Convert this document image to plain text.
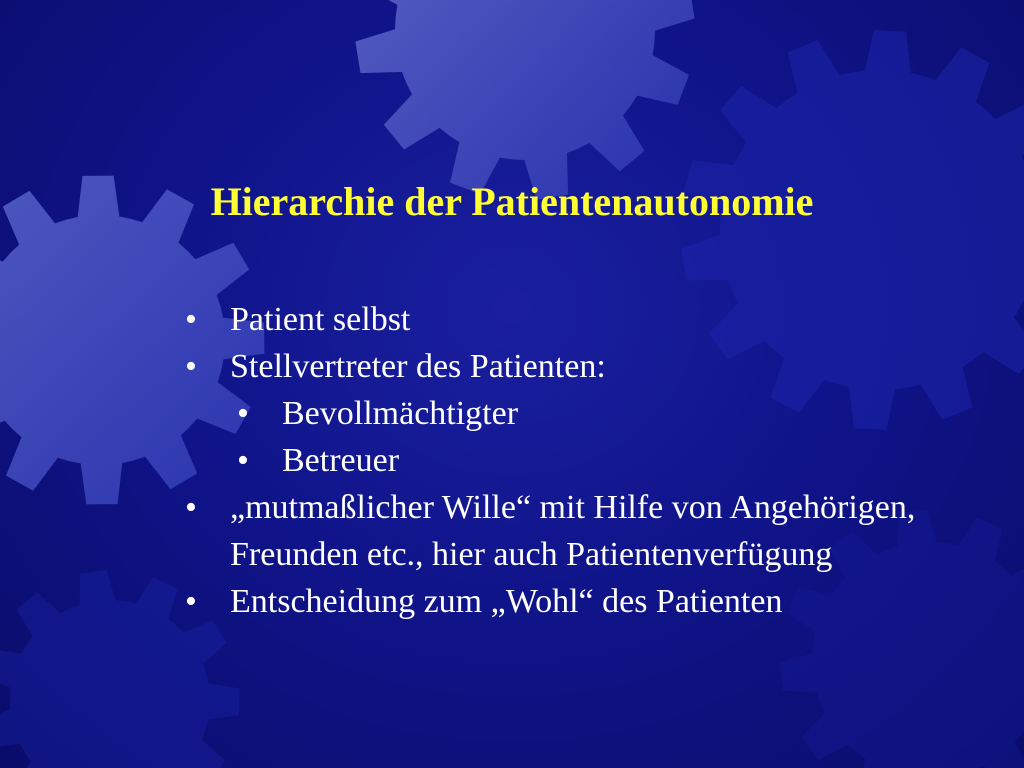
Hierarchie der Patientenautonomie
• Patient selbst
• Stellvertreter des Patienten:
• Bevollmächtigter
• Betreuer
• „mutmaßlicher Wille“ mit Hilfe von Angehörigen, Freunden etc., hier auch Patientenverfügung
• Entscheidung zum „Wohl“ des Patienten
